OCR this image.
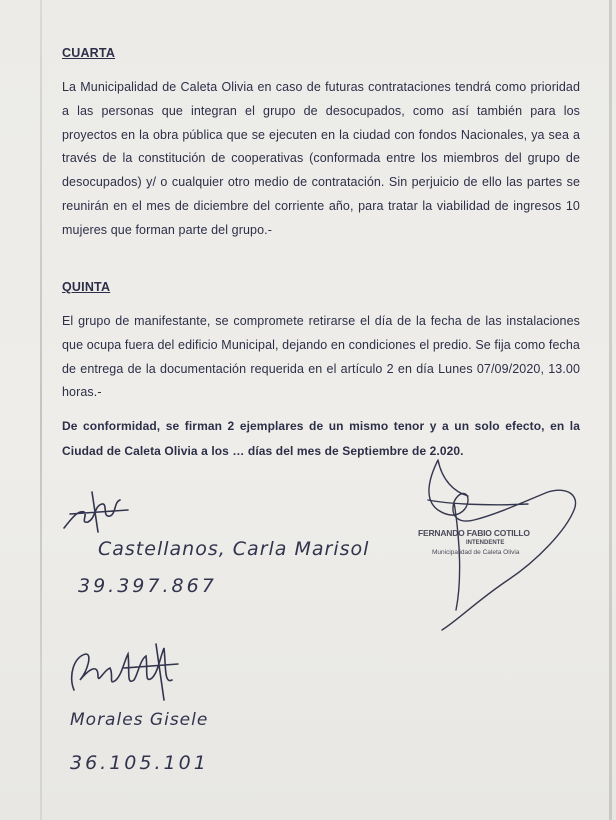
CUARTA
La Municipalidad de Caleta Olivia en caso de futuras contrataciones tendrá como prioridad a las personas que integran el grupo de desocupados, como así también para los proyectos en la obra pública que se ejecuten en la ciudad con fondos Nacionales, ya sea a través de la constitución de cooperativas (conformada entre los miembros del grupo de desocupados) y/ o cualquier otro medio de contratación. Sin perjuicio de ello las partes se reunirán en el mes de diciembre del corriente año, para tratar la viabilidad de ingresos 10 mujeres que forman parte del grupo.-
QUINTA
El grupo de manifestante, se compromete retirarse el día de la fecha de las instalaciones que ocupa fuera del edificio Municipal, dejando en condiciones el predio. Se fija como fecha de entrega de la documentación requerida en el artículo 2 en día Lunes 07/09/2020, 13.00 horas.-
De conformidad, se firman 2 ejemplares de un mismo tenor y a un solo efecto, en la Ciudad de Caleta Olivia a los … días del mes de Septiembre de 2.020.
Castellanos, Carla Marisol
39.397.867
Morales Gisele
36.105.101
FERNANDO FABIO COTILLO
INTENDENTE
Municipalidad de Caleta Olivia
